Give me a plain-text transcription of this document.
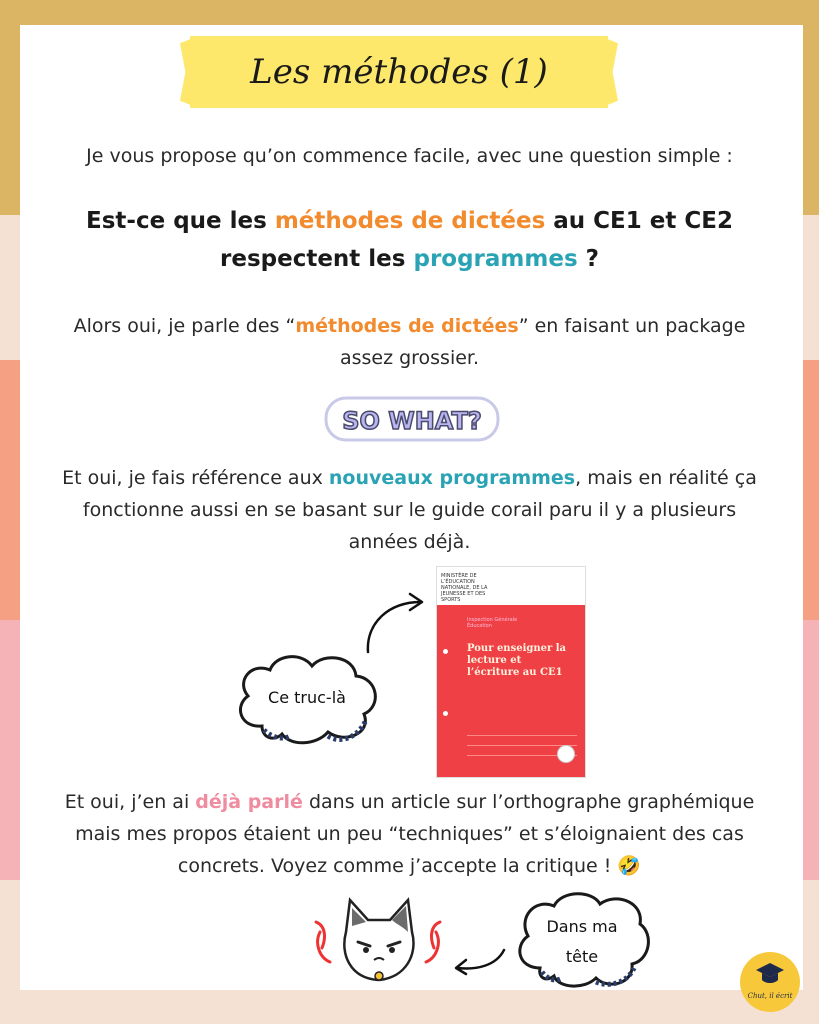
Les méthodes (1)
Je vous propose qu’on commence facile, avec une question simple :
Est-ce que les méthodes de dictées au CE1 et CE2
respectent les programmes ?
Alors oui, je parle des “méthodes de dictées” en faisant un package
assez grossier.
SO WHAT?
Et oui, je fais référence aux nouveaux programmes, mais en réalité ça
fonctionne aussi en se basant sur le guide corail paru il y a plusieurs
années déjà.
MINISTÈRE DE L’ÉDUCATION NATIONALE, DE LA JEUNESSE ET DES SPORTS
Inspection Générale Éducation
Pour enseigner la lecture et l’écriture au CE1
Ce truc-là
Et oui, j’en ai déjà parlé dans un article sur l’orthographe graphémique
mais mes propos étaient un peu “techniques” et s’éloignaient des cas
concrets. Voyez comme j’accepte la critique ! 🤣
Dans ma
tête
Chut, il écrit
